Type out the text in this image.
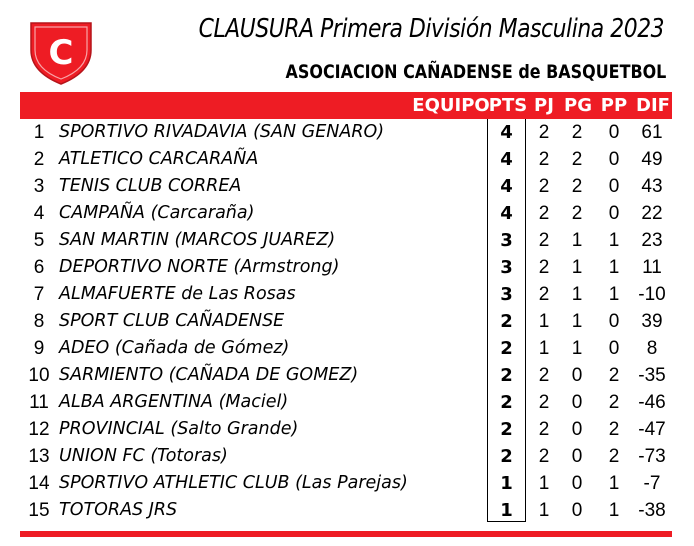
C
CLAUSURA Primera División Masculina 2023
ASOCIACION CAÑADENSE de BASQUETBOL
EQUIPO PTS PJ PG PP DIF
1 SPORTIVO RIVADAVIA (SAN GENARO)	4	2	2	0	61
2 ATLETICO CARCARAÑA	4	2	2	0	49
3 TENIS CLUB CORREA	4	2	2	0	43
4 CAMPAÑA (Carcaraña)	4	2	2	0	22
5 SAN MARTIN (MARCOS JUAREZ)	3	2	1	1	23
6 DEPORTIVO NORTE (Armstrong)	3	2	1	1	11
7 ALMAFUERTE de Las Rosas	3	2	1	1 -10
8 SPORT CLUB CAÑADENSE	2	1	1	0	39
9 ADEO (Cañada de Gómez)	2	1	1	0	8
10 SARMIENTO (CAÑADA DE GOMEZ)	2	2	0	2 -35
11 ALBA ARGENTINA (Maciel)	2	2	0	2 -46
12 PROVINCIAL (Salto Grande)	2	2	0	2 -47
13 UNION FC (Totoras)	2	2	0	2 -73
14 SPORTIVO ATHLETIC CLUB (Las Parejas)	1	1	0	1	-7
15 TOTORAS JRS	1	1	0	1 -38
